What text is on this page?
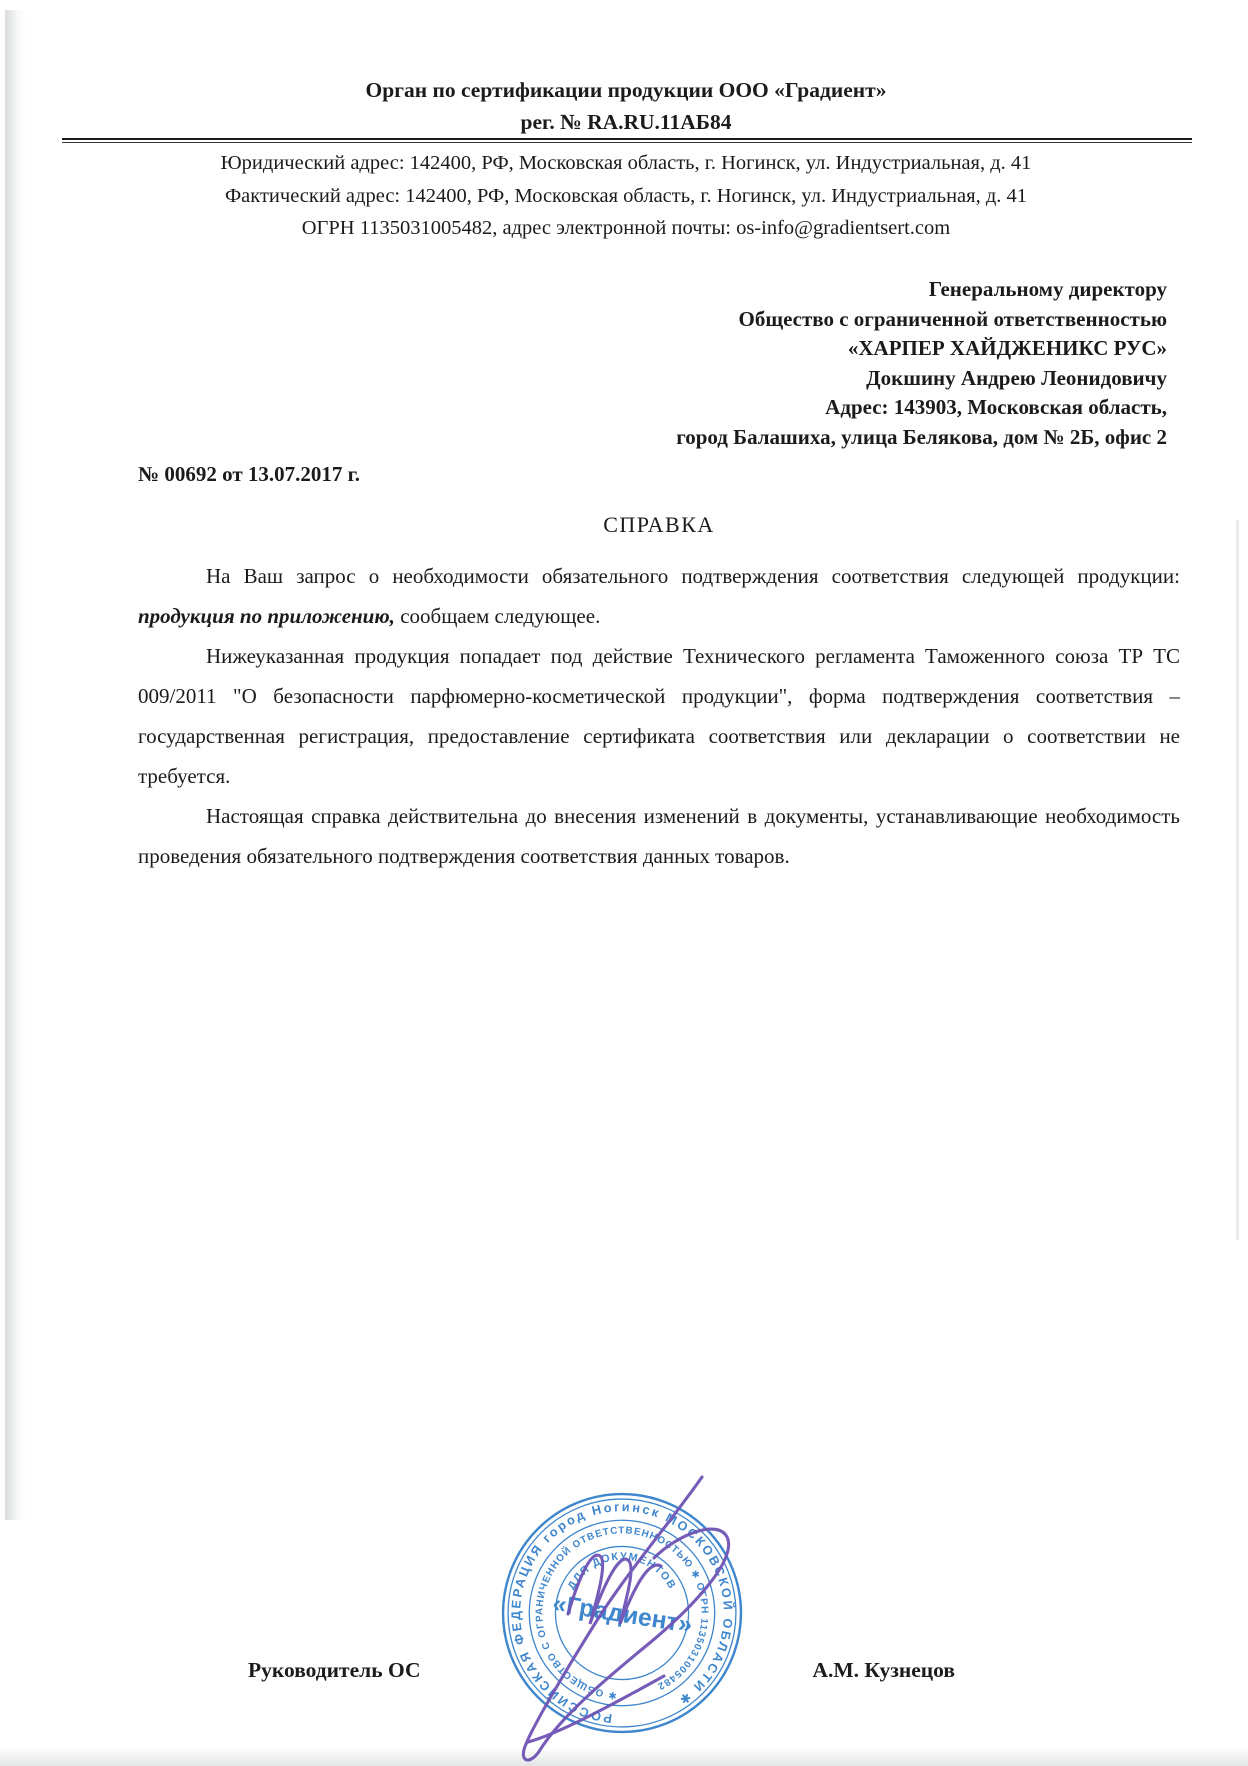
Орган по сертификации продукции ООО «Градиент»
рег. № RA.RU.11АБ84
Юридический адрес: 142400, РФ, Московская область, г. Ногинск, ул. Индустриальная, д. 41
Фактический адрес: 142400, РФ, Московская область, г. Ногинск, ул. Индустриальная, д. 41
ОГРН 1135031005482, адрес электронной почты: os-info@gradientsert.com
Генеральному директору
Общество с ограниченной ответственностью
«ХАРПЕР ХАЙДЖЕНИКС РУС»
Докшину Андрею Леонидовичу
Адрес: 143903, Московская область,
город Балашиха, улица Белякова, дом № 2Б, офис 2
№ 00692 от 13.07.2017 г.
СПРАВКА

На Ваш запрос о необходимости обязательного подтверждения соответствия следующей продукции: продукция по приложению, сообщаем следующее.

Нижеуказанная продукция попадает под действие Технического регламента Таможенного союза ТР ТС 009/2011 "О безопасности парфюмерно-косметической продукции", форма подтверждения соответствия – государственная регистрация, предоставление сертификата соответствия или декларации о соответствии не требуется.

Настоящая справка действительна до внесения изменений в документы, устанавливающие необходимость проведения обязательного подтверждения соответствия данных товаров.

РОССИЙСКАЯ ФЕДЕРАЦИЯ город Ногинск МОСКОВСКОЙ ОБЛАСТИ ✱
✱ ОБЩЕСТВО С ОГРАНИЧЕННОЙ ОТВЕТСТВЕННОСТЬЮ ✱ ОГРН 1135031005482
ДЛЯ ДОКУМЕНТОВ
«Градиент»
Руководитель ОС	А.М. Кузнецов
